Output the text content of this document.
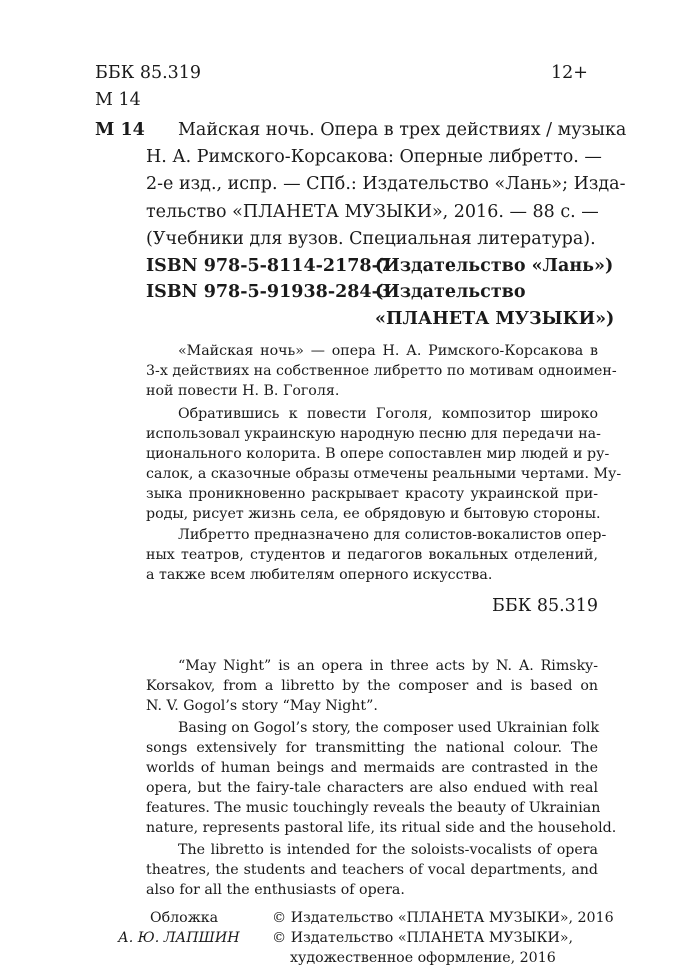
ББК 85.319
М 14
12+
М 14 Майская ночь. Опера в трех действиях / музыка
Н. А. Римского-Корсакова: Оперные либретто. —
2-е изд., испр. — СПб.: Издательство «Лань»; Изда-
тельство «ПЛАНЕТА МУЗЫКИ», 2016. — 88 с. —
(Учебники для вузов. Специальная литература).
ISBN 978-5-8114-2178-7
(Издательство «Лань»)
ISBN 978-5-91938-284-3
(Издательство
«ПЛАНЕТА МУЗЫКИ»)
«Майская ночь» — опера Н. А. Римского-Корсакова в
3-х действиях на собственное либретто по мотивам одноимен-
ной повести Н. В. Гоголя.
Обратившись к повести Гоголя, композитор широко
использовал украинскую народную песню для передачи на-
ционального колорита. В опере сопоставлен мир людей и ру-
салок, а сказочные образы отмечены реальными чертами. Му-
зыка проникновенно раскрывает красоту украинской при-
роды, рисует жизнь села, ее обрядовую и бытовую стороны.
Либретто предназначено для солистов-вокалистов опер-
ных театров, студентов и педагогов вокальных отделений,
а также всем любителям оперного искусства.
ББК 85.319
“May Night” is an opera in three acts by N. A. Rimsky-
Korsakov, from a libretto by the composer and is based on
N. V. Gogol’s story “May Night”.
Basing on Gogol’s story, the composer used Ukrainian folk
songs extensively for transmitting the national colour. The
worlds of human beings and mermaids are contrasted in the
opera, but the fairy-tale characters are also endued with real
features. The music touchingly reveals the beauty of Ukrainian
nature, represents pastoral life, its ritual side and the household.
The libretto is intended for the soloists-vocalists of opera
theatres, the students and teachers of vocal departments, and
also for all the enthusiasts of opera.
Обложка
А. Ю. ЛАПШИН
© Издательство «ПЛАНЕТА МУЗЫКИ», 2016
© Издательство «ПЛАНЕТА МУЗЫКИ»,
художественное оформление, 2016
